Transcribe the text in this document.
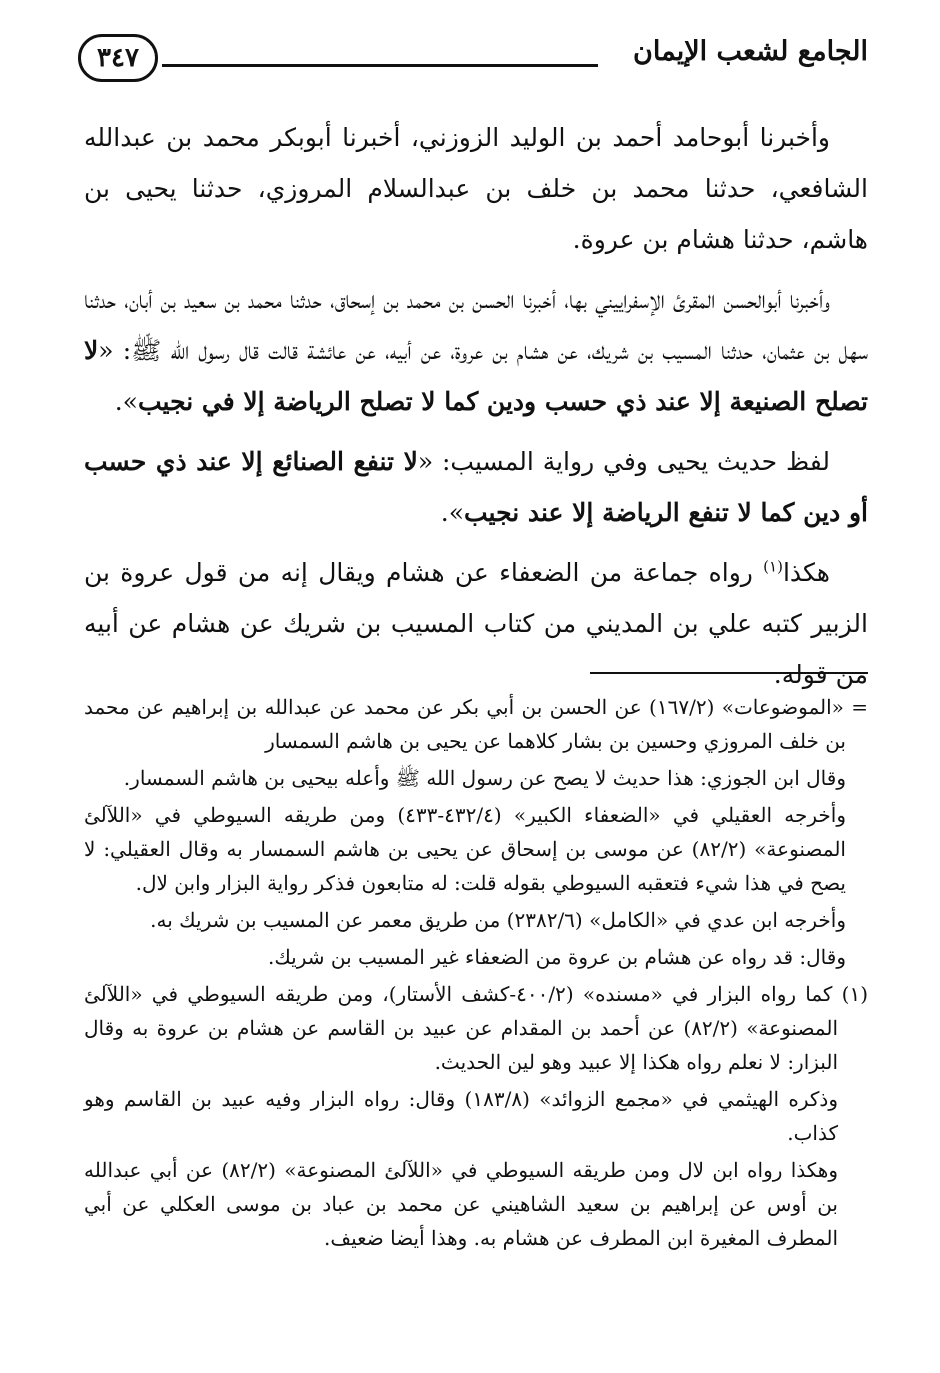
الجامع لشعب الإيمان
٣٤٧

وأخبرنا أبوحامد أحمد بن الوليد الزوزني، أخبرنا أبوبكر محمد بن عبدالله الشافعي، حدثنا محمد بن خلف بن عبدالسلام المروزي، حدثنا يحيى بن هاشم، حدثنا هشام بن عروة.

وأخبرنا أبوالحسن المقرئ الإسفراييني بها، أخبرنا الحسن بن محمد بن إسحاق، حدثنا محمد بن سعيد بن أبان، حدثنا سهل بن عثمان، حدثنا المسيب بن شريك، عن هشام بن عروة، عن أبيه، عن عائشة قالت قال رسول الله ﷺ: «لا تصلح الصنيعة إلا عند ذي حسب ودين كما لا تصلح الرياضة إلا في نجيب».

لفظ حديث يحيى وفي رواية المسيب: «لا تنفع الصنائع إلا عند ذي حسب أو دين كما لا تنفع الرياضة إلا عند نجيب».

هكذا$^{(١)}$ رواه جماعة من الضعفاء عن هشام ويقال إنه من قول عروة بن الزبير كتبه علي بن المديني من كتاب المسيب بن شريك عن هشام عن أبيه من قوله.

= «الموضوعات» (١٦٧/٢) عن الحسن بن أبي بكر عن محمد عن عبدالله بن إبراهيم عن محمد بن خلف المروزي وحسين بن بشار كلاهما عن يحيى بن هاشم السمسار

وقال ابن الجوزي: هذا حديث لا يصح عن رسول الله ﷺ وأعله بيحيى بن هاشم السمسار.

وأخرجه العقيلي في «الضعفاء الكبير» (٤٣٢/٤-٤٣٣) ومن طريقه السيوطي في «اللآلئ المصنوعة» (٨٢/٢) عن موسى بن إسحاق عن يحيى بن هاشم السمسار به وقال العقيلي: لا يصح في هذا شيء فتعقبه السيوطي بقوله قلت: له متابعون فذكر رواية البزار وابن لال.

وأخرجه ابن عدي في «الكامل» (٢٣٨٢/٦) من طريق معمر عن المسيب بن شريك به.

وقال: قد رواه عن هشام بن عروة من الضعفاء غير المسيب بن شريك.

(١) كما رواه البزار في «مسنده» (٤٠٠/٢-كشف الأستار)، ومن طريقه السيوطي في «اللآلئ المصنوعة» (٨٢/٢) عن أحمد بن المقدام عن عبيد بن القاسم عن هشام بن عروة به وقال البزار: لا نعلم رواه هكذا إلا عبيد وهو لين الحديث.

وذكره الهيثمي في «مجمع الزوائد» (١٨٣/٨) وقال: رواه البزار وفيه عبيد بن القاسم وهو كذاب.

وهكذا رواه ابن لال ومن طريقه السيوطي في «اللآلئ المصنوعة» (٨٢/٢) عن أبي عبدالله بن أوس عن إبراهيم بن سعيد الشاهيني عن محمد بن عباد بن موسى العكلي عن أبي المطرف المغيرة ابن المطرف عن هشام به. وهذا أيضا ضعيف.
